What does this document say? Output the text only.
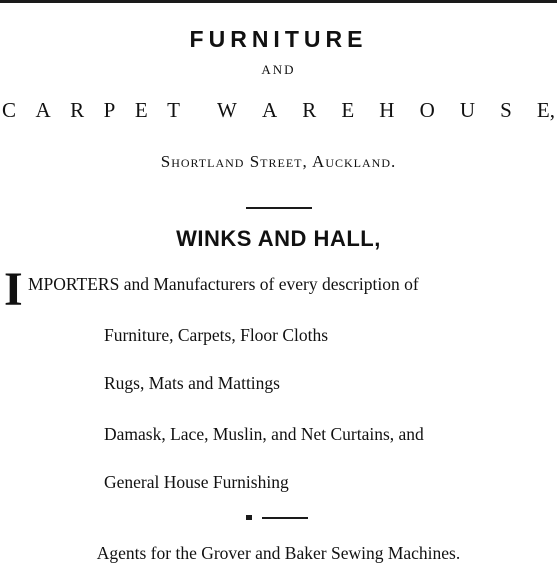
FURNITURE
AND
C A R P E T W A R E H O U S E,
Shortland Street, Auckland.
WINKS AND HALL,
I MPORTERS and Manufacturers of every description of
Furniture, Carpets, Floor Cloths
Rugs, Mats and Mattings
Damask, Lace, Muslin, and Net Curtains, and
General House Furnishing
Agents for the Grover and Baker Sewing Machines.
